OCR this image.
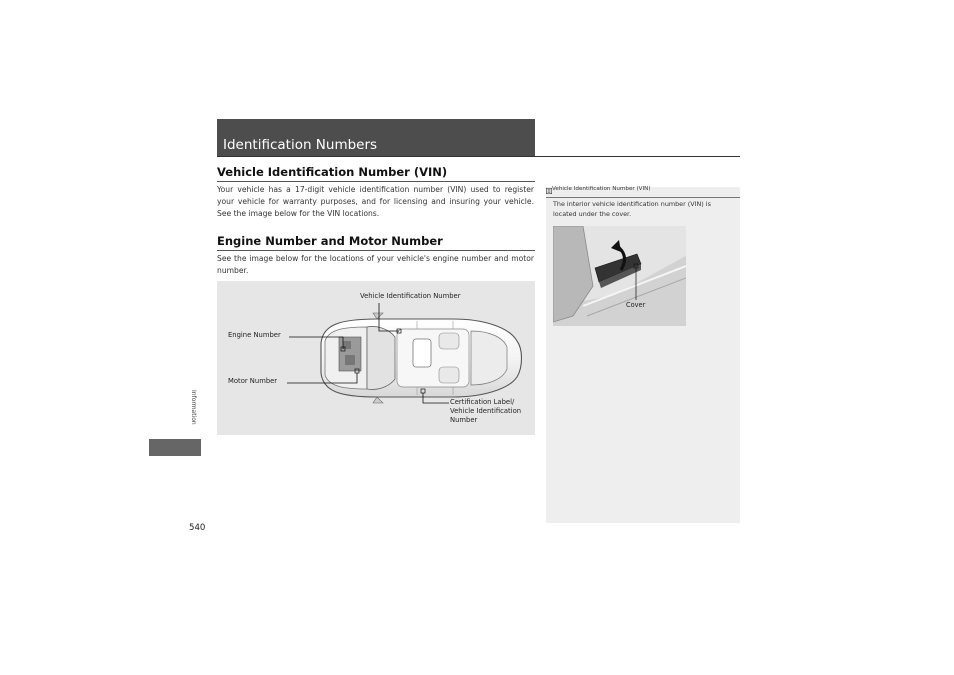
Identification Numbers
Vehicle Identification Number (VIN)
Your vehicle has a 17-digit vehicle identification number (VIN) used to register your vehicle for warranty purposes, and for licensing and insuring your vehicle. See the image below for the VIN locations.
Engine Number and Motor Number
See the image below for the locations of your vehicle's engine number and motor number.
Vehicle Identification Number
Engine Number
Motor Number
Certification Label/
Vehicle Identification
Number
Vehicle Identification Number (VIN)
The interior vehicle identification number (VIN) is located under the cover.
Cover
Information
540
